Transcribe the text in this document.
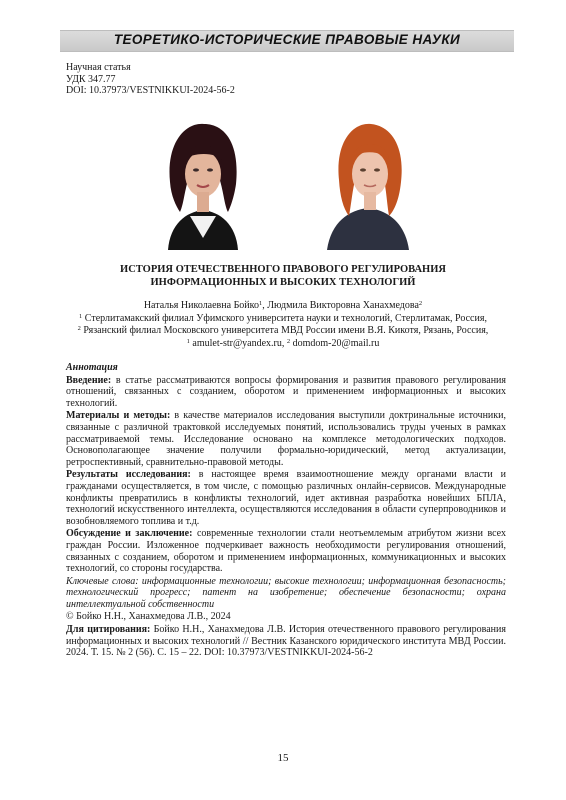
ТЕОРЕТИКО-ИСТОРИЧЕСКИЕ ПРАВОВЫЕ НАУКИ
Научная статья
УДК 347.77
DOI: 10.37973/VESTNIKKUI-2024-56-2
ИСТОРИЯ ОТЕЧЕСТВЕННОГО ПРАВОВОГО РЕГУЛИРОВАНИЯ
ИНФОРМАЦИОННЫХ И ВЫСОКИХ ТЕХНОЛОГИЙ
Наталья Николаевна Бойко$^1$, Людмила Викторовна Ханахмедова$^2$
$^1$ Стерлитамакский филиал Уфимского университета науки и технологий, Стерлитамак, Россия,
$^2$ Рязанский филиал Московского университета МВД России имени В.Я. Кикотя, Рязань, Россия,
$^1$ amulet-str@yandex.ru, $^2$ domdom-20@mail.ru

Аннотация

Введение: в статье рассматриваются вопросы формирования и развития правового регулирования отношений, связанных с созданием, оборотом и применением информационных и высоких технологий.

Материалы и методы: в качестве материалов исследования выступили доктринальные источники, связанные с различной трактовкой исследуемых понятий, использовались труды ученых в рамках рассматриваемой темы. Исследование основано на комплексе методологических подходов. Основополагающее значение получили формально-юридический, метод актуализации, ретроспективный, сравнительно-правовой методы.

Результаты исследования: в настоящее время взаимоотношение между органами власти и гражданами осуществляется, в том числе, с помощью различных онлайн-сервисов. Международные конфликты превратились в конфликты технологий, идет активная разработка новейших БПЛА, технологий искусственного интеллекта, осуществляются исследования в области суперпроводников и возобновляемого топлива и т.д.

Обсуждение и заключение: современные технологии стали неотъемлемым атрибутом жизни всех граждан России. Изложенное подчеркивает важность необходимости регулирования отношений, связанных с созданием, оборотом и применением информационных, коммуникационных и высоких технологий, со стороны государства.

Ключевые слова: информационные технологии; высокие технологии; информационная безопасность; технологический прогресс; патент на изобретение; обеспечение безопасности; охрана интеллектуальной собственности

© Бойко Н.Н., Ханахмедова Л.В., 2024

Для цитирования: Бойко Н.Н., Ханахмедова Л.В. История отечественного правового регулирования информационных и высоких технологий // Вестник Казанского юридического института МВД России. 2024. Т. 15. № 2 (56). С. 15 – 22. DOI: 10.37973/VESTNIKKUI-2024-56-2

15
